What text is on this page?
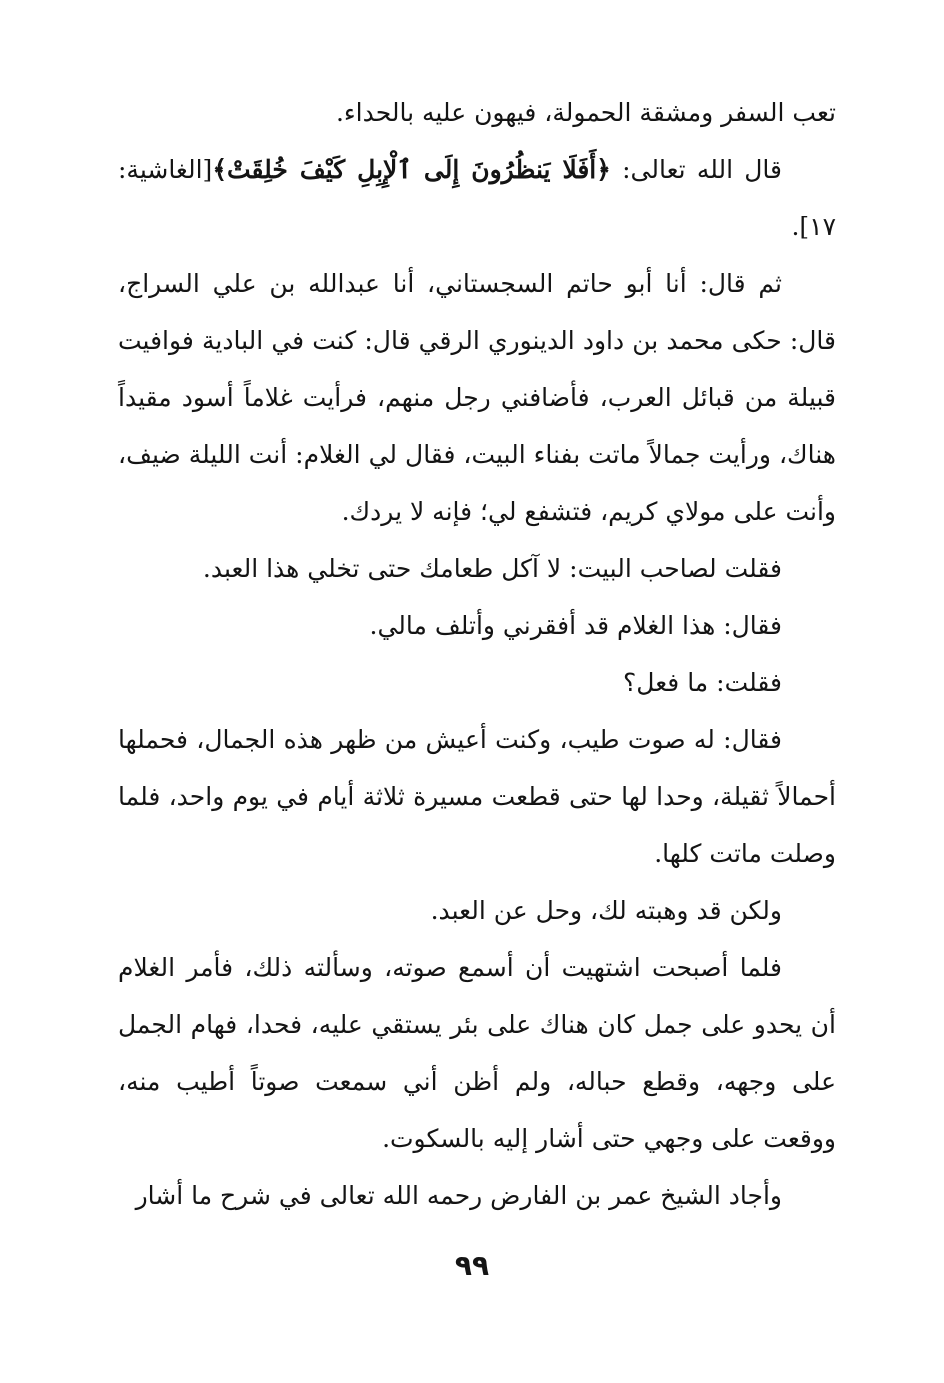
تعب السفر ومشقة الحمولة، فيهون عليه بالحداء.

قال الله تعالى: ﴿أَفَلَا يَنظُرُونَ إِلَى ٱلْإِبِلِ كَيْفَ خُلِقَتْ﴾[الغاشية: ١٧].

ثم قال: أنا أبو حاتم السجستاني، أنا عبدالله بن علي السراج، قال: حكى محمد بن داود الدينوري الرقي قال: كنت في البادية فوافيت قبيلة من قبائل العرب، فأضافني رجل منهم، فرأيت غلاماً أسود مقيداً هناك، ورأيت جمالاً ماتت بفناء البيت، فقال لي الغلام: أنت الليلة ضيف، وأنت على مولاي كريم، فتشفع لي؛ فإنه لا يردك.

فقلت لصاحب البيت: لا آكل طعامك حتى تخلي هذا العبد.

فقال: هذا الغلام قد أفقرني وأتلف مالي.

فقلت: ما فعل؟

فقال: له صوت طيب، وكنت أعيش من ظهر هذه الجمال، فحملها أحمالاً ثقيلة، وحدا لها حتى قطعت مسيرة ثلاثة أيام في يوم واحد، فلما وصلت ماتت كلها.

ولكن قد وهبته لك، وحل عن العبد.

فلما أصبحت اشتهيت أن أسمع صوته، وسألته ذلك، فأمر الغلام أن يحدو على جمل كان هناك على بئر يستقي عليه، فحدا، فهام الجمل على وجهه، وقطع حباله، ولم أظن أني سمعت صوتاً أطيب منه، ووقعت على وجهي حتى أشار إليه بالسكوت.

وأجاد الشيخ عمر بن الفارض رحمه الله تعالى في شرح ما أشار

٩٩
